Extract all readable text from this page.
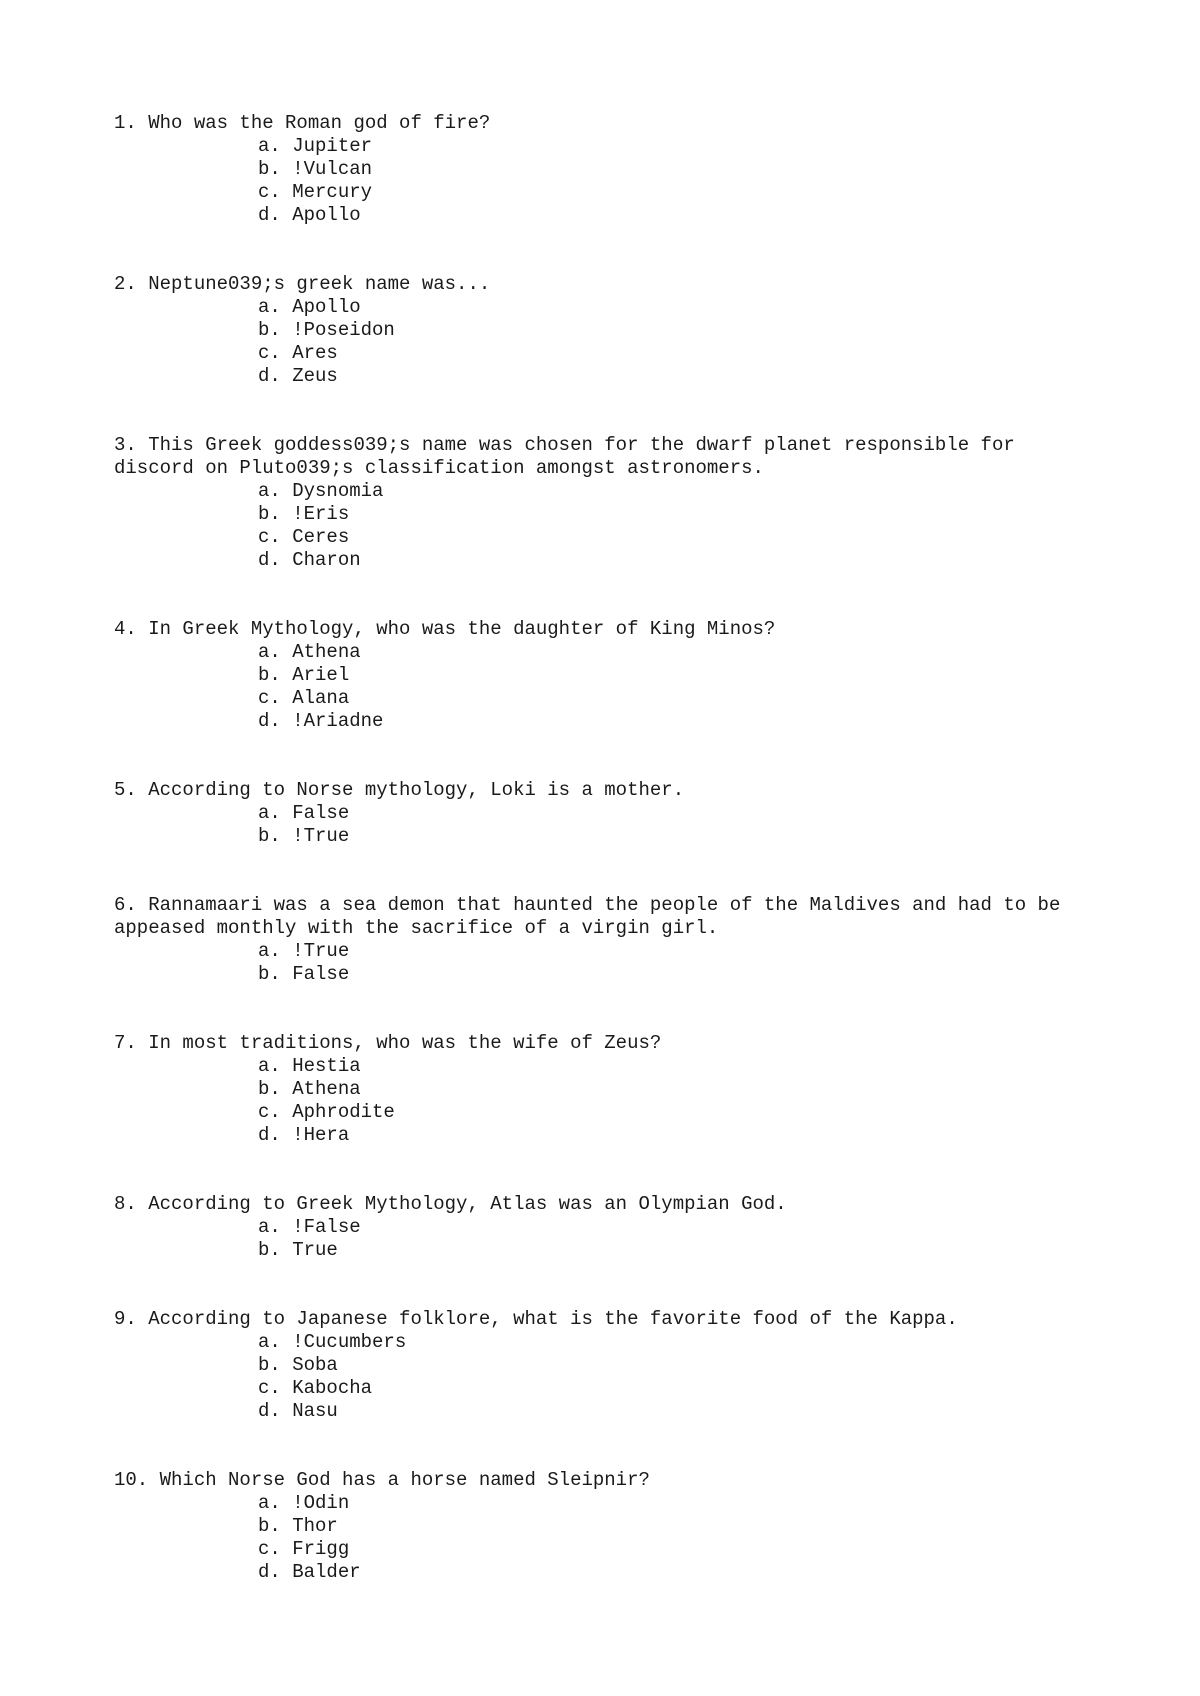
1. Who was the Roman god of fire?

a. Jupiter
b. !Vulcan
c. Mercury
d. Apollo

2. Neptune039;s greek name was...

a. Apollo
b. !Poseidon
c. Ares
d. Zeus

3. This Greek goddess039;s name was chosen for the dwarf planet responsible for discord on Pluto039;s classification amongst astronomers.

a. Dysnomia
b. !Eris
c. Ceres
d. Charon

4. In Greek Mythology, who was the daughter of King Minos?

a. Athena
b. Ariel
c. Alana
d. !Ariadne

5. According to Norse mythology, Loki is a mother.

a. False
b. !True

6. Rannamaari was a sea demon that haunted the people of the Maldives and had to be appeased monthly with the sacrifice of a virgin girl.

a. !True
b. False

7. In most traditions, who was the wife of Zeus?

a. Hestia
b. Athena
c. Aphrodite
d. !Hera

8. According to Greek Mythology, Atlas was an Olympian God.

a. !False
b. True

9. According to Japanese folklore, what is the favorite food of the Kappa.

a. !Cucumbers
b. Soba
c. Kabocha
d. Nasu

10. Which Norse God has a horse named Sleipnir?

a. !Odin
b. Thor
c. Frigg
d. Balder
